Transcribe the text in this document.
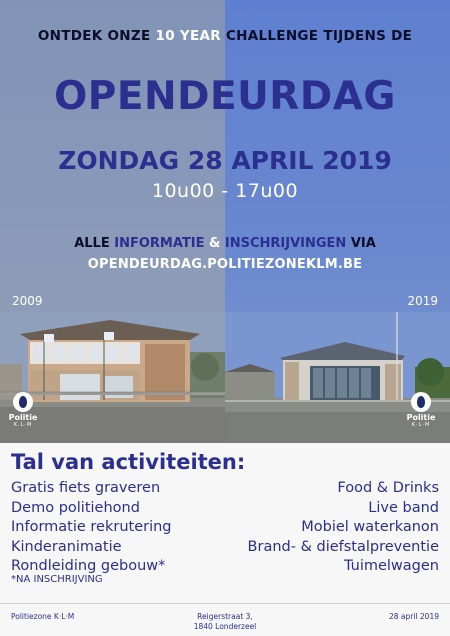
ONTDEK ONZE 10 YEAR CHALLENGE TIJDENS DE
OPENDEURDAG
ZONDAG 28 APRIL 2019
10u00 - 17u00
ALLE INFORMATIE & INSCHRIJVINGEN VIA
OPENDEURDAG.POLITIEZONEKLM.BE
2009	2019
Politie
K·L·M
Politie
K·L·M
Tal van activiteiten:
Gratis fiets graveren
Demo politiehond
Informatie rekrutering
Kinderanimatie
Rondleiding gebouw*
Food & Drinks
Live band
Mobiel waterkanon
Brand- & diefstalpreventie
Tuimelwagen
*NA INSCHRIJVING
Politiezone K·L·M	Reigerstraat 3,
1840 Londerzeel
28 april 2019
